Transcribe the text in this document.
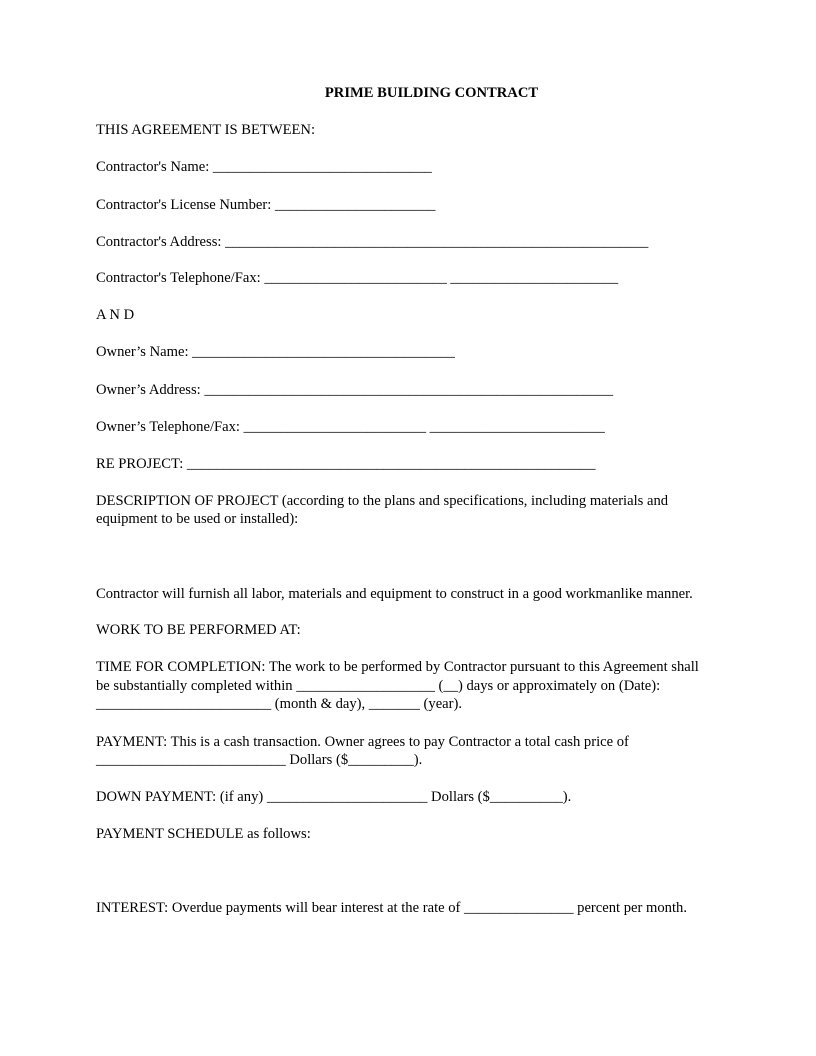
PRIME BUILDING CONTRACT
THIS AGREEMENT IS BETWEEN:
Contractor's Name: ______________________________
Contractor's License Number: ______________________
Contractor's Address: __________________________________________________________
Contractor's Telephone/Fax: _________________________ _______________________
A N D
Owner’s Name: ____________________________________
Owner’s Address: ________________________________________________________
Owner’s Telephone/Fax: _________________________ ________________________
RE PROJECT: ________________________________________________________
DESCRIPTION OF PROJECT (according to the plans and specifications, including materials and
equipment to be used or installed):
Contractor will furnish all labor, materials and equipment to construct in a good workmanlike manner.
WORK TO BE PERFORMED AT:
TIME FOR COMPLETION: The work to be performed by Contractor pursuant to this Agreement shall
be substantially completed within ___________________ (__) days or approximately on (Date):
________________________ (month & day), _______ (year).
PAYMENT: This is a cash transaction. Owner agrees to pay Contractor a total cash price of
__________________________ Dollars ($_________).
DOWN PAYMENT: (if any) ______________________ Dollars ($__________).
PAYMENT SCHEDULE as follows:
INTEREST: Overdue payments will bear interest at the rate of _______________ percent per month.
